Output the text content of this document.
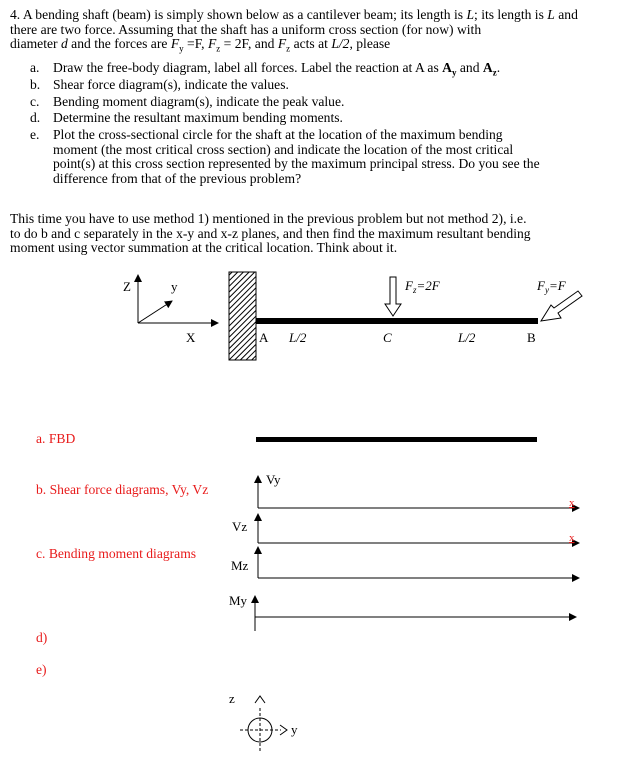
4. A bending shaft (beam) is simply shown below as a cantilever beam; its length is L; its length is L and
there are two force. Assuming that the shaft has a uniform cross section (for now) with
diameter d and the forces are $F_y =F$, $F_z = 2F$, and $F_z$ acts at L/2, please
a. Draw the free-body diagram, label all forces. Label the reaction at A as $A_y$ and $A_z$.
b. Shear force diagram(s), indicate the values.
c. Bending moment diagram(s), indicate the peak value.
d. Determine the resultant maximum bending moments.
e. Plot the cross-sectional circle for the shaft at the location of the maximum bending
moment (the most critical cross section) and indicate the location of the most critical
point(s) at this cross section represented by the maximum principal stress. Do you see the
difference from that of the previous problem?
This time you have to use method 1) mentioned in the previous problem but not method 2), i.e.
to do b and c separately in the x-y and x-z planes, and then find the maximum resultant bending
moment using vector summation at the critical location. Think about it.
Z	y
X	A L/2	C	L/2	B
$F_z=2F$	$F_y=F$
Vy
x
Vz
x
Mz
My
z
y
a. FBD
b. Shear force diagrams, Vy, Vz
c. Bending moment diagrams
d)
e)
